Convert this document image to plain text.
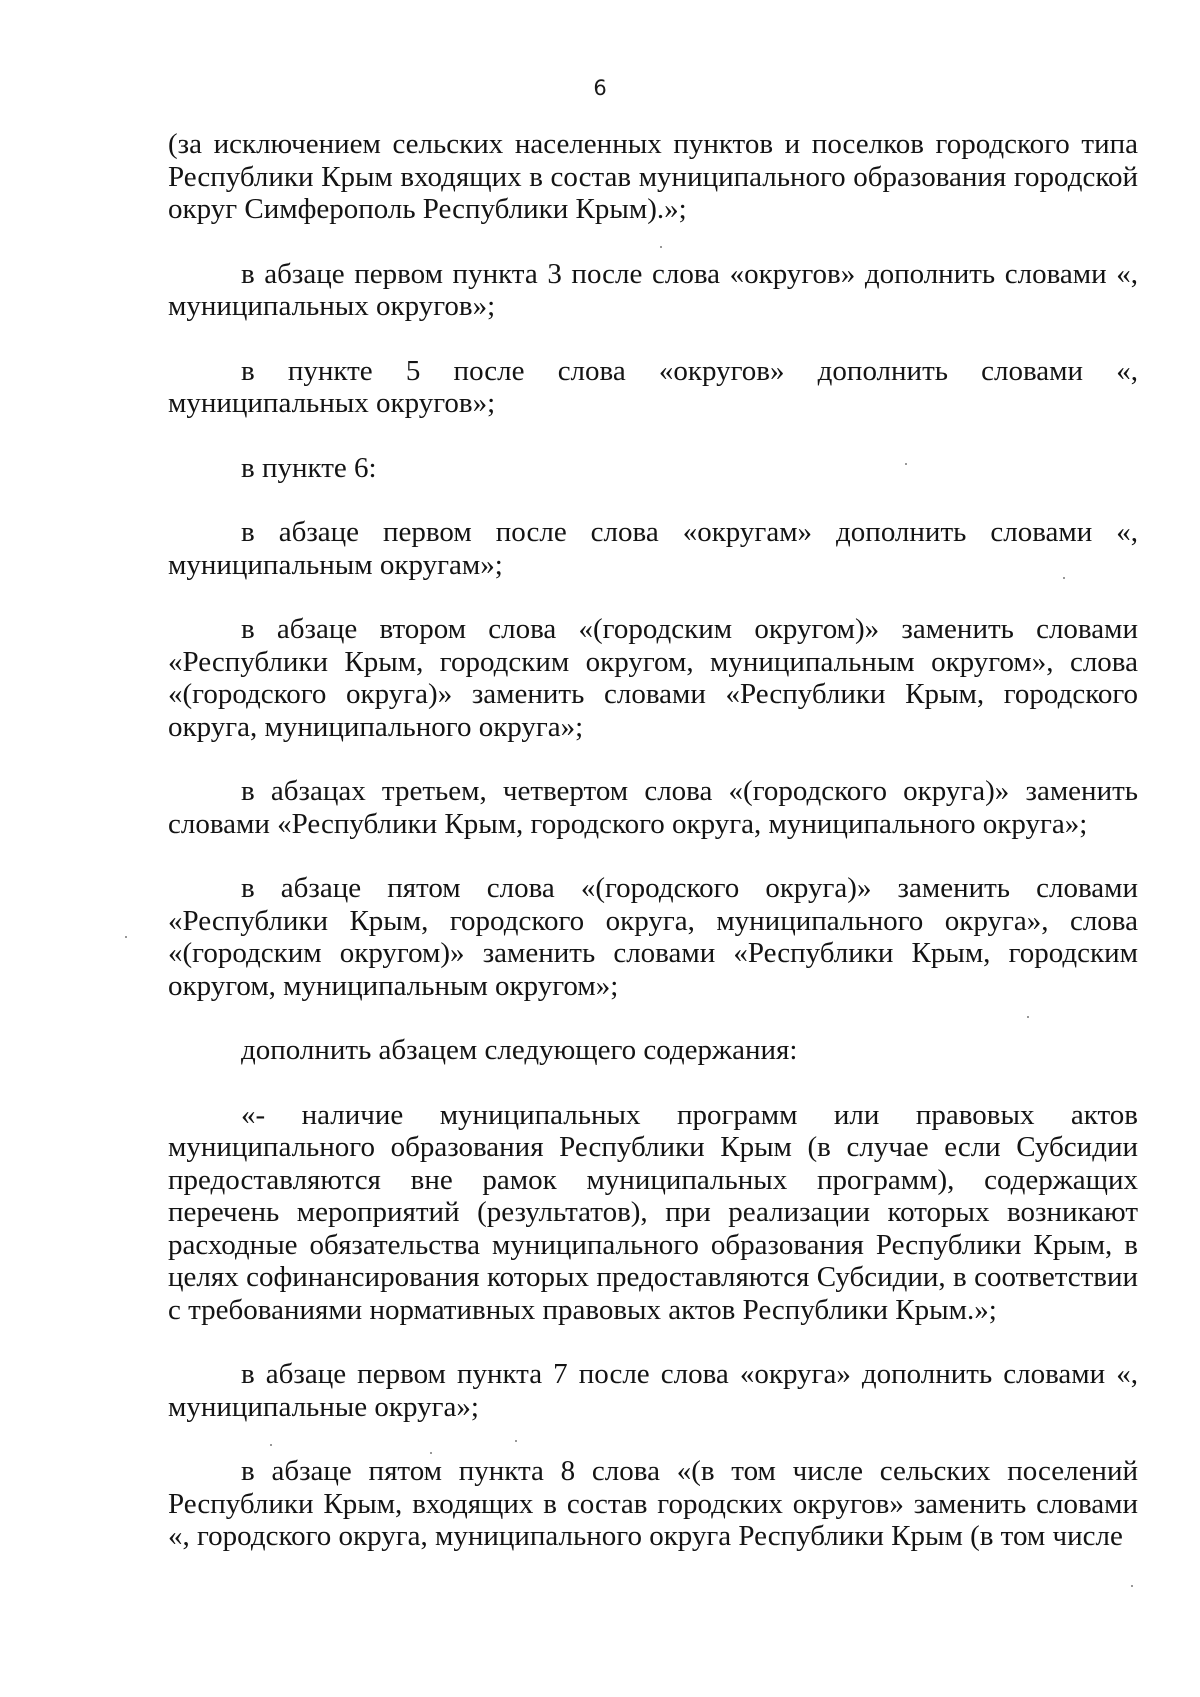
6

(за исключением сельских населенных пунктов и поселков городского типа Республики Крым входящих в состав муниципального образования городской округ Симферополь Республики Крым).»;

в абзаце первом пункта 3 после слова «округов» дополнить словами «, муниципальных округов»;

в пункте 5 после слова «округов» дополнить словами «, муниципальных округов»;

в пункте 6:

в абзаце первом после слова «округам» дополнить словами «, муниципальным округам»;

в абзаце втором слова «(городским округом)» заменить словами «Республики Крым, городским округом, муниципальным округом», слова «(городского округа)» заменить словами «Республики Крым, городского округа, муниципального округа»;

в абзацах третьем, четвертом слова «(городского округа)» заменить словами «Республики Крым, городского округа, муниципального округа»;

в абзаце пятом слова «(городского округа)» заменить словами «Республики Крым, городского округа, муниципального округа», слова «(городским округом)» заменить словами «Республики Крым, городским округом, муниципальным округом»;

дополнить абзацем следующего содержания:

«- наличие муниципальных программ или правовых актов муниципального образования Республики Крым (в случае если Субсидии предоставляются вне рамок муниципальных программ), содержащих перечень мероприятий (результатов), при реализации которых возникают расходные обязательства муниципального образования Республики Крым, в целях софинансирования которых предоставляются Субсидии, в соответствии с требованиями нормативных правовых актов Республики Крым.»;

в абзаце первом пункта 7 после слова «округа» дополнить словами «, муниципальные округа»;

в абзаце пятом пункта 8 слова «(в том числе сельских поселений Республики Крым, входящих в состав городских округов» заменить словами «, городского округа, муниципального округа Республики Крым (в том числе
